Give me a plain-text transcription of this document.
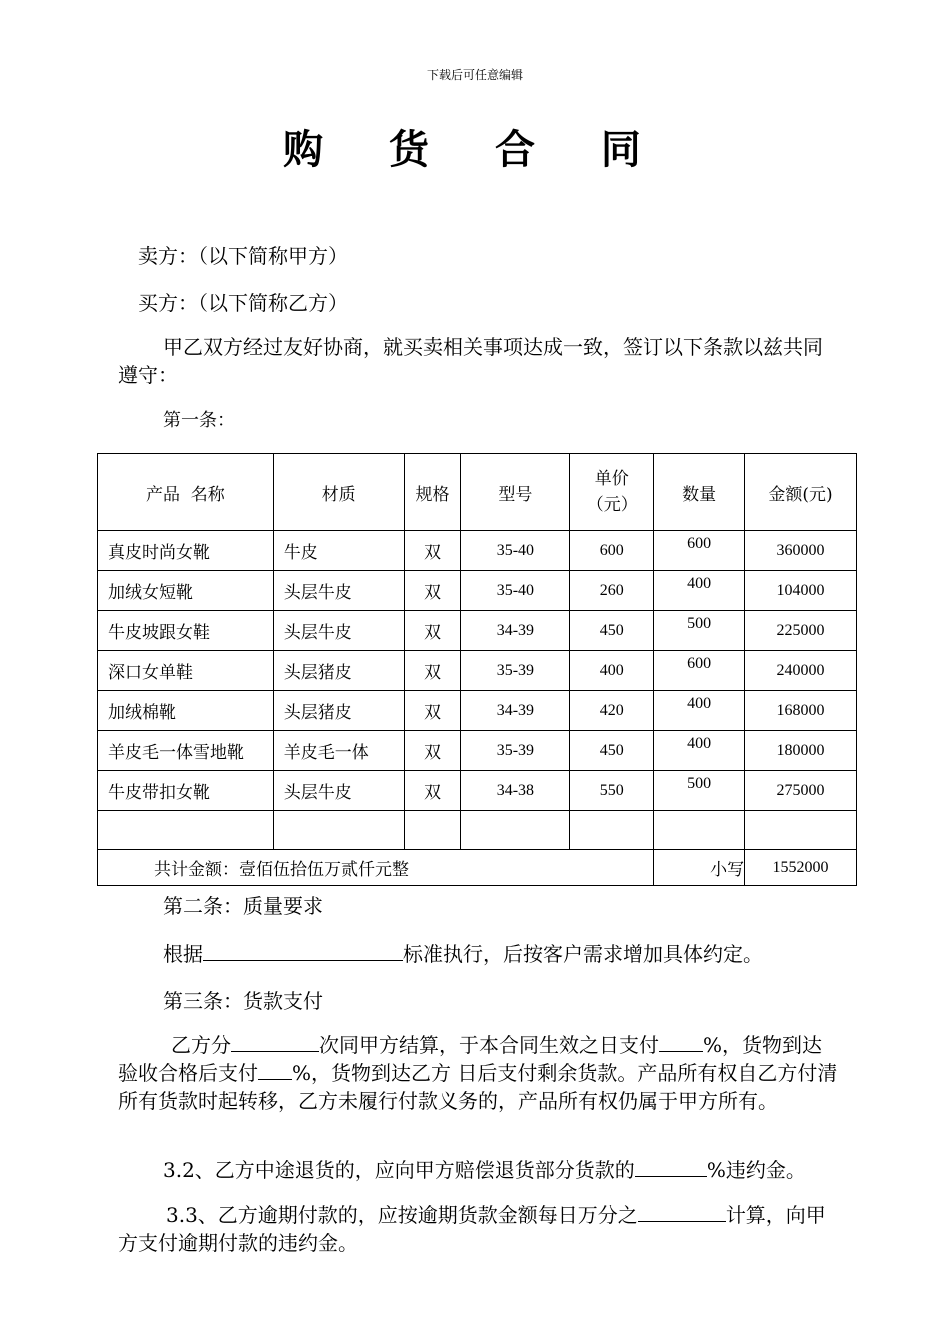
下载后可任意编辑
购 货 合 同
卖方：（以下简称甲方）
买方：（以下简称乙方）
甲乙双方经过友好协商，就买卖相关事项达成一致，签订以下条款以兹共同遵守：
第一条：
产品  名称	材质	规格	型号	单价（元）	数量	金额(元)
真皮时尚女靴	牛皮	双	35-40	600	600	360000
加绒女短靴	头层牛皮	双	35-40	260	400	104000
牛皮坡跟女鞋	头层牛皮	双	34-39	450	500	225000
深口女单鞋	头层猪皮	双	35-39	400	600	240000
加绒棉靴	头层猪皮	双	34-39	420	400	168000
羊皮毛一体雪地靴	羊皮毛一体	双	35-39	450	400	180000
牛皮带扣女靴	头层牛皮	双	34-38	550	500	275000

共计金额：壹佰伍拾伍万贰仟元整					小写	1552000
第二条：质量要求
根据	标准执行，后按客户需求增加具体约定。
第三条：货款支付
乙方分	次同甲方结算，于本合同生效之日支付 %，货物到达验收合格后支付 %，货物到达乙方 日后支付剩余货款。产品所有权自乙方付清所有货款时起转移，乙方未履行付款义务的，产品所有权仍属于甲方所有。
3.2、乙方中途退货的，应向甲方赔偿退货部分货款的	%违约金。
3.3、乙方逾期付款的，应按逾期货款金额每日万分之	计算，向甲方支付逾期付款的违约金。
